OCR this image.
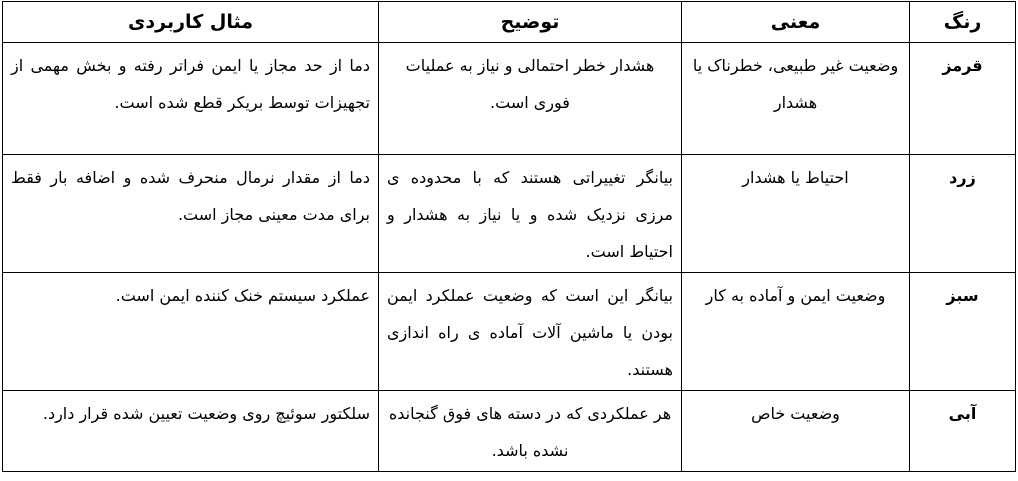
رنگ	معنی	توضیح	مثال کاربردی
قرمز	وضعیت غیر طبیعی، خطرناک یا هشدار	هشدار خطر احتمالی و نیاز به عملیات فوری است.	دما از حد مجاز یا ایمن فراتر رفته و بخش مهمی از تجهیزات توسط بریکر قطع شده است.
زرد	احتیاط یا هشدار	بیانگر تغییراتی هستند که با محدوده ی مرزی نزدیک شده و یا نیاز به هشدار و احتیاط است.	دما از مقدار نرمال منحرف شده و اضافه بار فقط برای مدت معینی مجاز است.
سبز	وضعیت ایمن و آماده به کار	بیانگر این است که وضعیت عملکرد ایمن بودن یا ماشین آلات آماده ی راه اندازی هستند.	عملکرد سیستم خنک کننده ایمن است.
آبی	وضعیت خاص	هر عملکردی که در دسته های فوق گنجانده نشده باشد.	سلکتور سوئیچ روی وضعیت تعیین شده قرار دارد.
